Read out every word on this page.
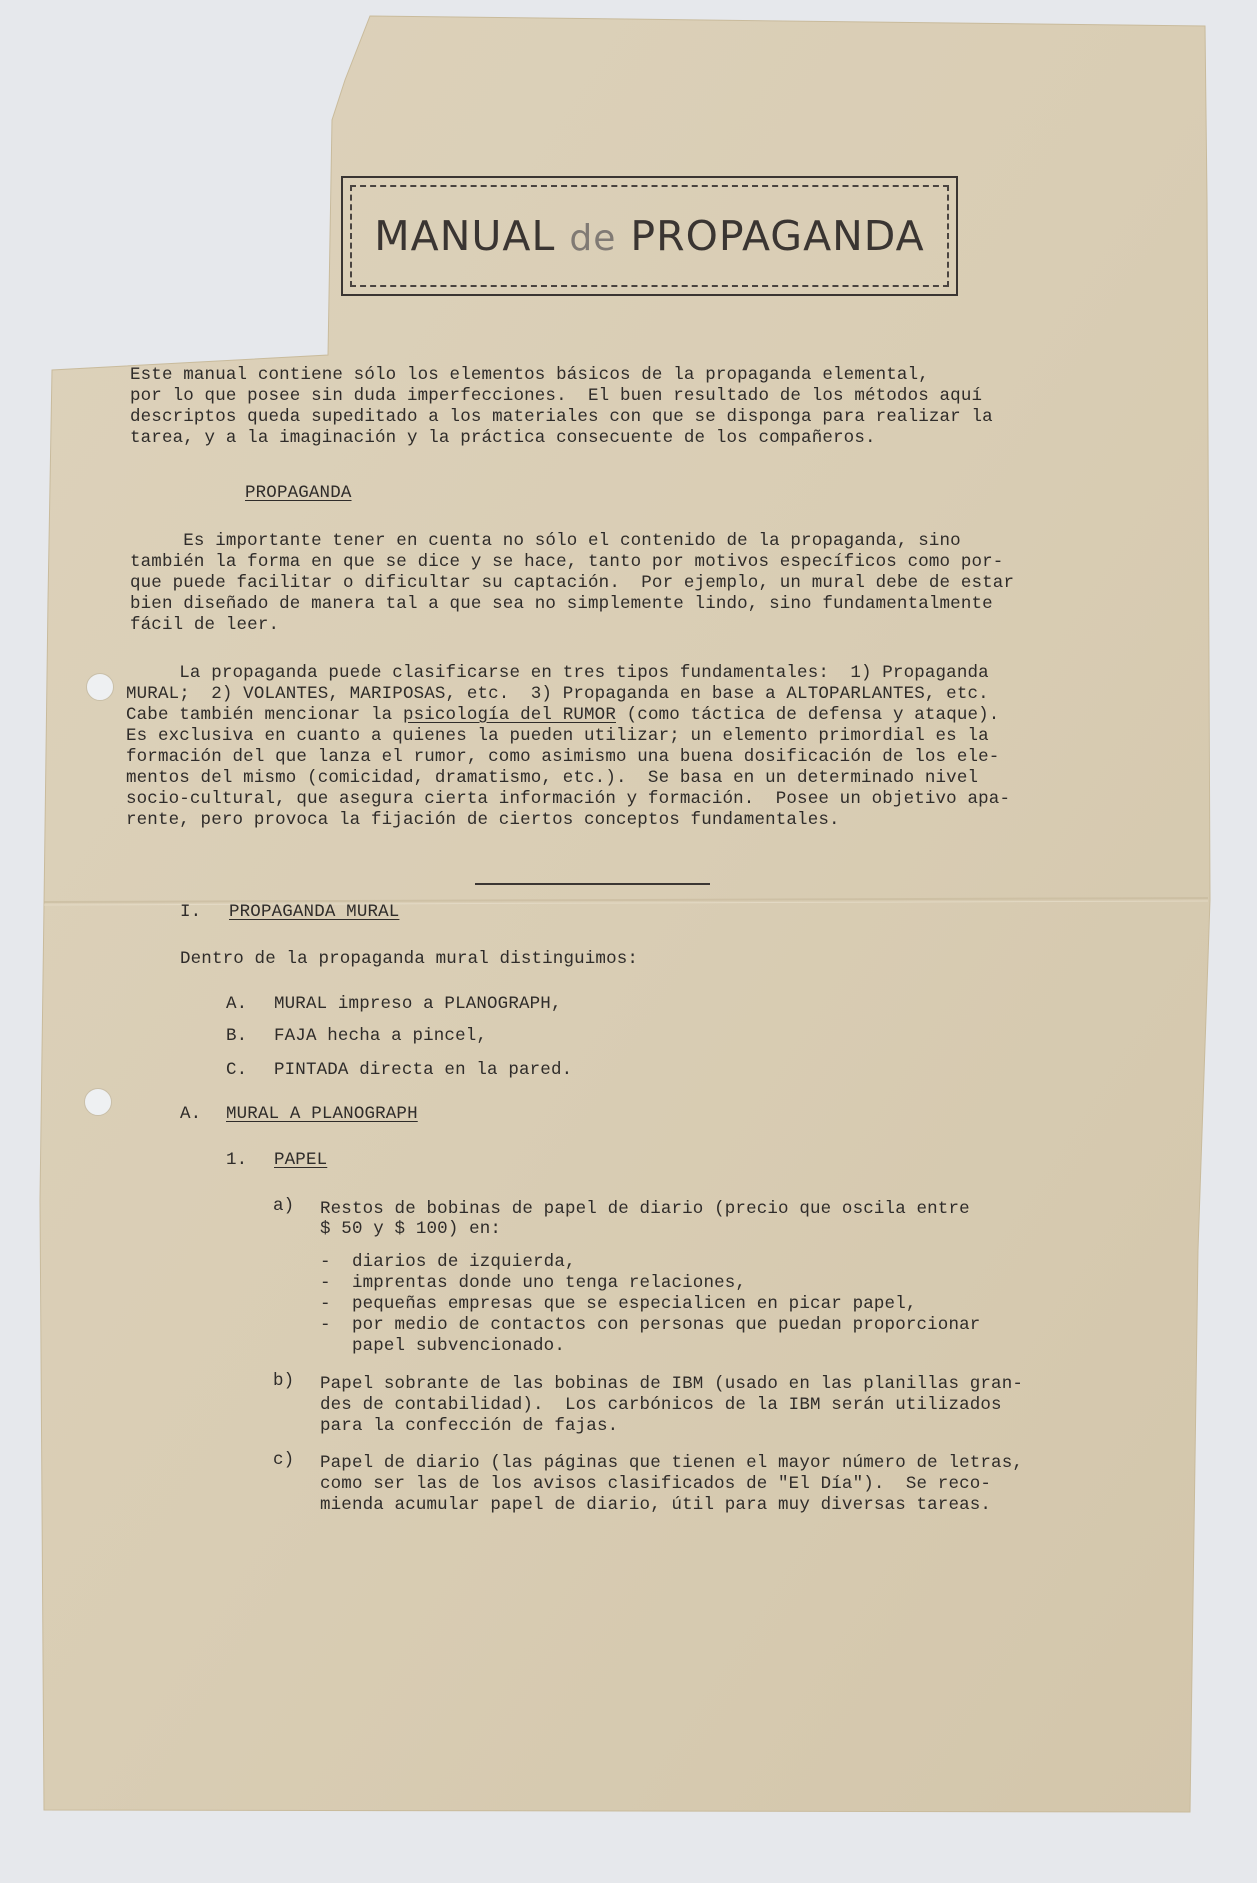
MANUAL de PROPAGANDA

Este manual contiene sólo los elementos básicos de la propaganda elemental,

por lo que posee sin duda imperfecciones.  El buen resultado de los métodos aquí

descriptos queda supeditado a los materiales con que se disponga para realizar la

tarea, y a la imaginación y la práctica consecuente de los compañeros.

PROPAGANDA

Es importante tener en cuenta no sólo el contenido de la propaganda, sino

también la forma en que se dice y se hace, tanto por motivos específicos como por-

que puede facilitar o dificultar su captación.  Por ejemplo, un mural debe de estar

bien diseñado de manera tal a que sea no simplemente lindo, sino fundamentalmente

fácil de leer.

La propaganda puede clasificarse en tres tipos fundamentales:  1) Propaganda

MURAL;  2) VOLANTES, MARIPOSAS, etc.  3) Propaganda en base a ALTOPARLANTES, etc.

Cabe también mencionar la psicología del RUMOR (como táctica de defensa y ataque).

Es exclusiva en cuanto a quienes la pueden utilizar; un elemento primordial es la

formación del que lanza el rumor, como asimismo una buena dosificación de los ele-

mentos del mismo (comicidad, dramatismo, etc.).  Se basa en un determinado nivel

socio-cultural, que asegura cierta información y formación.  Posee un objetivo apa-

rente, pero provoca la fijación de ciertos conceptos fundamentales.

I. PROPAGANDA MURAL

Dentro de la propaganda mural distinguimos:

A. MURAL impreso a PLANOGRAPH,

B. FAJA hecha a pincel,

C. PINTADA directa en la pared.

A. MURAL A PLANOGRAPH

1. PAPEL

a) Restos de bobinas de papel de diario (precio que oscila entre

$ 50 y $ 100) en:

-  diarios de izquierda,

-  imprentas donde uno tenga relaciones,

-  pequeñas empresas que se especialicen en picar papel,

-  por medio de contactos con personas que puedan proporcionar

papel subvencionado.

b) Papel sobrante de las bobinas de IBM (usado en las planillas gran-

des de contabilidad).  Los carbónicos de la IBM serán utilizados

para la confección de fajas.

c) Papel de diario (las páginas que tienen el mayor número de letras,

como ser las de los avisos clasificados de "El Día").  Se reco-

mienda acumular papel de diario, útil para muy diversas tareas.
